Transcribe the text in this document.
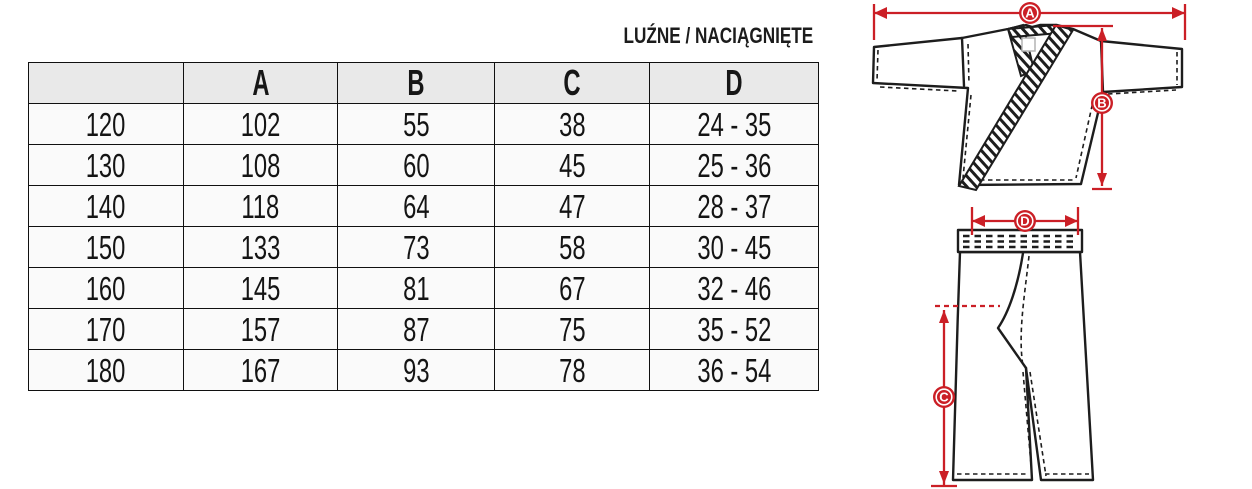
LUŹNE / NACIĄGNIĘTE
	A	B	C	D
120	102	55	38	24 - 35
130	108	60	45	25 - 36
140	118	64	47	28 - 37
150	133	73	58	30 - 45
160	145	81	67	32 - 46
170	157	87	75	35 - 52
180	167	93	78	36 - 54
A
B
D
C
